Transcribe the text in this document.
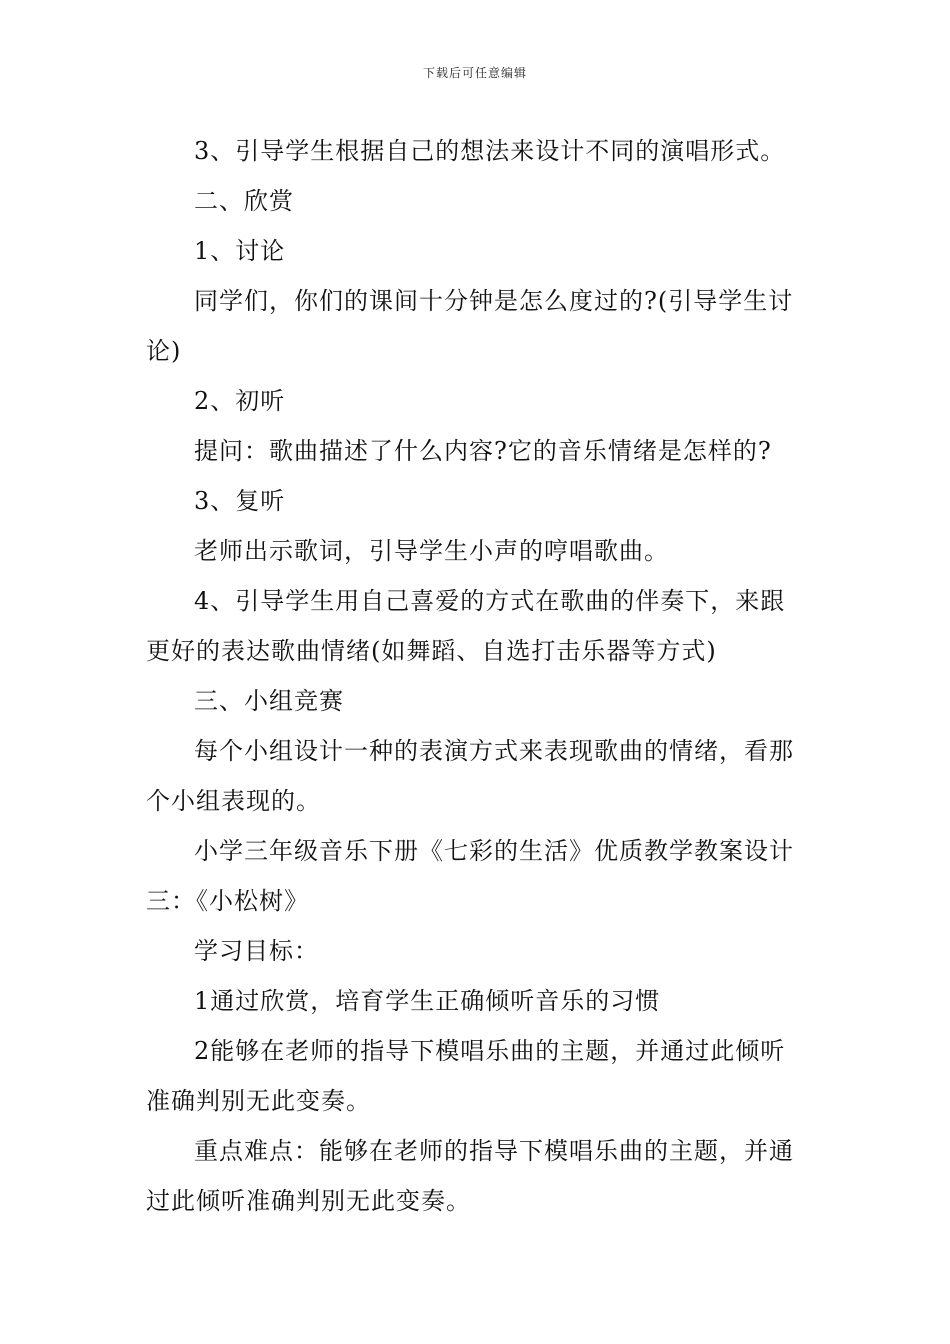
下载后可任意编辑

3、引导学生根据自己的想法来设计不同的演唱形式。

二、欣赏

1、讨论

同学们，你们的课间十分钟是怎么度过的?(引导学生讨论)

2、初听

提问：歌曲描述了什么内容?它的音乐情绪是怎样的?

3、复听

老师出示歌词，引导学生小声的哼唱歌曲。

4、引导学生用自己喜爱的方式在歌曲的伴奏下，来跟更好的表达歌曲情绪(如舞蹈、自选打击乐器等方式)

三、小组竞赛

每个小组设计一种的表演方式来表现歌曲的情绪，看那个小组表现的。

小学三年级音乐下册《七彩的生活》优质教学教案设计三：《小松树》

学习目标：

1通过欣赏，培育学生正确倾听音乐的习惯

2能够在老师的指导下模唱乐曲的主题，并通过此倾听准确判别无此变奏。

重点难点：能够在老师的指导下模唱乐曲的主题，并通过此倾听准确判别无此变奏。
